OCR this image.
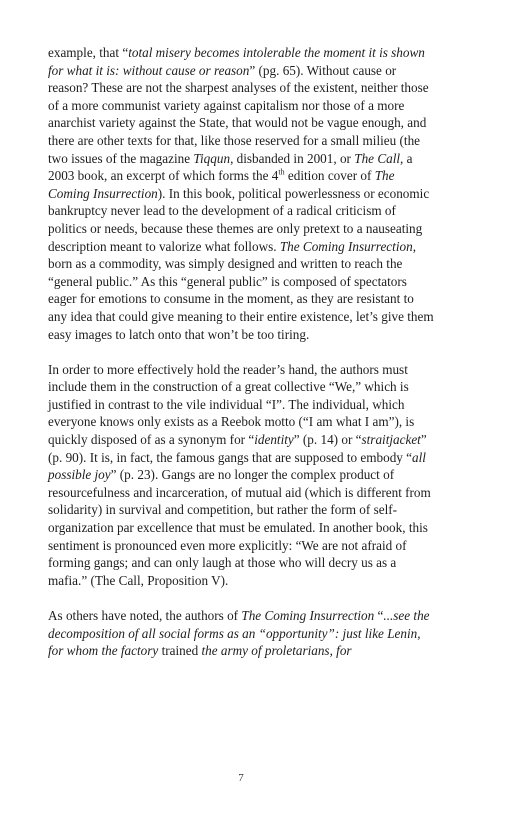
example, that “total misery becomes intolerable the moment it is shown for what it is: without cause or reason” (pg. 65). Without cause or reason? These are not the sharpest analyses of the existent, neither those of a more communist variety against capitalism nor those of a more anarchist variety against the State, that would not be vague enough, and there are other texts for that, like those reserved for a small milieu (the two issues of the magazine Tiqqun, disbanded in 2001, or The Call, a 2003 book, an excerpt of which forms the 4th edition cover of The Coming Insurrection). In this book, political powerlessness or economic bankruptcy never lead to the development of a radical criticism of politics or needs, because these themes are only pretext to a nauseating description meant to valorize what follows. The Coming Insurrection, born as a commodity, was simply designed and written to reach the “general public.” As this “general public” is composed of spectators eager for emotions to consume in the moment, as they are resistant to any idea that could give meaning to their entire existence, let’s give them easy images to latch onto that won’t be too tiring.

In order to more effectively hold the reader’s hand, the authors must include them in the construction of a great collective “We,” which is justified in contrast to the vile individual “I”. The individual, which everyone knows only exists as a Reebok motto (“I am what I am”), is quickly disposed of as a synonym for “identity” (p. 14) or “straitjacket” (p. 90). It is, in fact, the famous gangs that are supposed to embody “all possible joy” (p. 23). Gangs are no longer the complex product of resourcefulness and incarceration, of mutual aid (which is different from solidarity) in survival and competition, but rather the form of self-organization par excellence that must be emulated. In another book, this sentiment is pronounced even more explicitly: “We are not afraid of forming gangs; and can only laugh at those who will decry us as a mafia.” (The Call, Proposition V).

As others have noted, the authors of The Coming Insurrection “...see the decomposition of all social forms as an “opportunity”: just like Lenin, for whom the factory trained the army of proletarians, for

7
